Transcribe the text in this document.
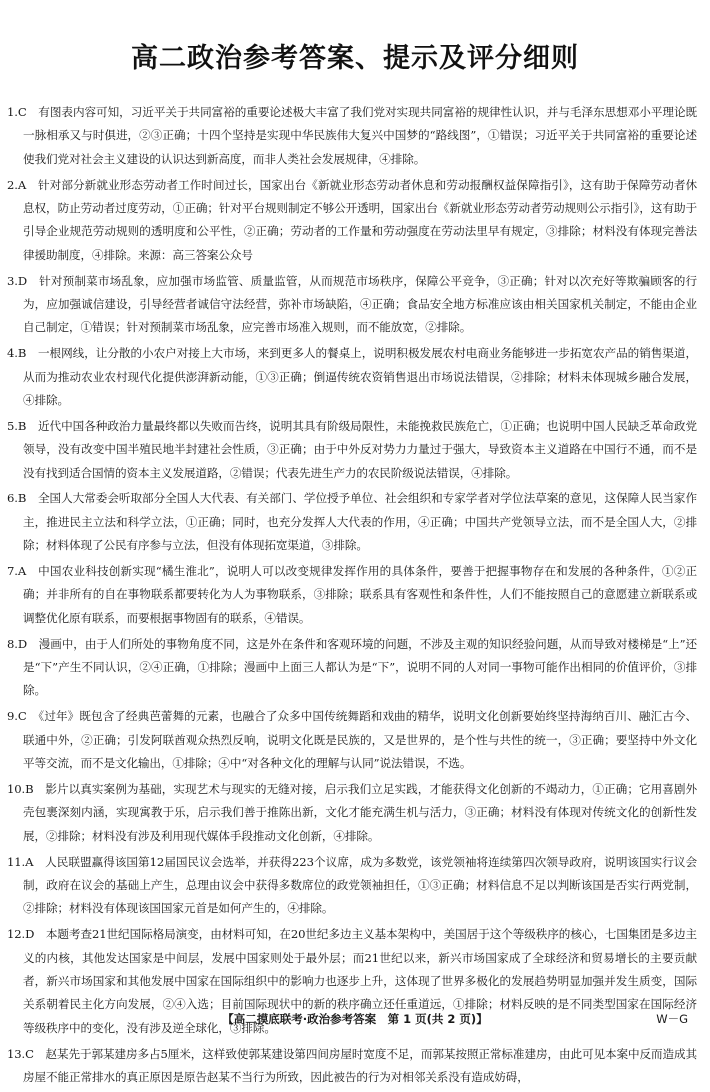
高二政治参考答案、提示及评分细则

1.C　 有图表内容可知，习近平关于共同富裕的重要论述极大丰富了我们党对实现共同富裕的规律性认识，并与毛泽东思想邓小平理论既一脉相承又与时俱进，②③正确；十四个坚持是实现中华民族伟大复兴中国梦的“路线图”，①错误；习近平关于共同富裕的重要论述使我们党对社会主义建设的认识达到新高度，而非人类社会发展规律，④排除。

2.A　 针对部分新就业形态劳动者工作时间过长，国家出台《新就业形态劳动者休息和劳动报酬权益保障指引》，这有助于保障劳动者休息权，防止劳动者过度劳动，①正确；针对平台规则制定不够公开透明，国家出台《新就业形态劳动者劳动规则公示指引》，这有助于引导企业规范劳动规则的透明度和公平性，②正确；劳动者的工作量和劳动强度在劳动法里早有规定，③排除；材料没有体现完善法律援助制度，④排除。来源：高三答案公众号

3.D　 针对预制菜市场乱象，应加强市场监管、质量监管，从而规范市场秩序，保障公平竞争，③正确；针对以次充好等欺骗顾客的行为，应加强诚信建设，引导经营者诚信守法经营，弥补市场缺陷，④正确；食品安全地方标准应该由相关国家机关制定，不能由企业自己制定，①错误；针对预制菜市场乱象，应完善市场准入规则，而不能放宽，②排除。

4.B　 一根网线，让分散的小农户对接上大市场，来到更多人的餐桌上，说明积极发展农村电商业务能够进一步拓宽农产品的销售渠道，从而为推动农业农村现代化提供澎湃新动能，①③正确；倒逼传统农资销售退出市场说法错误，②排除；材料未体现城乡融合发展，④排除。

5.B　 近代中国各种政治力量最终都以失败而告终，说明其具有阶级局限性，未能挽救民族危亡，①正确；也说明中国人民缺乏革命政党领导，没有改变中国半殖民地半封建社会性质，③正确；由于中外反对势力力量过于强大，导致资本主义道路在中国行不通，而不是没有找到适合国情的资本主义发展道路，②错误；代表先进生产力的农民阶级说法错误，④排除。

6.B　 全国人大常委会听取部分全国人大代表、有关部门、学位授予单位、社会组织和专家学者对学位法草案的意见，这保障人民当家作主，推进民主立法和科学立法，①正确；同时，也充分发挥人大代表的作用，④正确；中国共产党领导立法，而不是全国人大，②排除；材料体现了公民有序参与立法，但没有体现拓宽渠道，③排除。

7.A　 中国农业科技创新实现“橘生淮北”，说明人可以改变规律发挥作用的具体条件，要善于把握事物存在和发展的各种条件，①②正确；并非所有的自在事物联系都要转化为人为事物联系，③排除；联系具有客观性和条件性，人们不能按照自己的意愿建立新联系或调整优化原有联系，而要根据事物固有的联系，④错误。

8.D　 漫画中，由于人们所处的事物角度不同，这是外在条件和客观环境的问题，不涉及主观的知识经验问题，从而导致对楼梯是“上”还是“下”产生不同认识，②④正确，①排除；漫画中上面三人都认为是“下”，说明不同的人对同一事物可能作出相同的价值评价，③排除。

9.C　 《过年》既包含了经典芭蕾舞的元素，也融合了众多中国传统舞蹈和戏曲的精华，说明文化创新要始终坚持海纳百川、融汇古今、联通中外，②正确；引发阿联酋观众热烈反响，说明文化既是民族的，又是世界的，是个性与共性的统一，③正确；要坚持中外文化平等交流，而不是文化输出，①排除；④中“对各种文化的理解与认同”说法错误，不选。

10.B　 影片以真实案例为基础，实现艺术与现实的无缝对接，启示我们立足实践，才能获得文化创新的不竭动力，①正确；它用喜剧外壳包裹深刻内涵，实现寓教于乐，启示我们善于推陈出新，文化才能充满生机与活力，③正确；材料没有体现对传统文化的创新性发展，②排除；材料没有涉及利用现代媒体手段推动文化创新，④排除。

11.A　 人民联盟赢得该国第12届国民议会选举，并获得223个议席，成为多数党，该党领袖将连续第四次领导政府，说明该国实行议会制，政府在议会的基础上产生，总理由议会中获得多数席位的政党领袖担任，①③正确；材料信息不足以判断该国是否实行两党制，②排除；材料没有体现该国国家元首是如何产生的，④排除。

12.D　 本题考查21世纪国际格局演变，由材料可知，在20世纪多边主义基本架构中，美国居于这个等级秩序的核心，七国集团是多边主义的内核，其他发达国家是中间层，发展中国家则处于最外层；而21世纪以来，新兴市场国家成了全球经济和贸易增长的主要贡献者，新兴市场国家和其他发展中国家在国际组织中的影响力也逐步上升，这体现了世界多极化的发展趋势明显加强并发生质变，国际关系朝着民主化方向发展，②④入选；目前国际现状中的新的秩序确立还任重道远，①排除；材料反映的是不同类型国家在国际经济等级秩序中的变化，没有涉及逆全球化，③排除。

13.C　 赵某先于郭某建房多占5厘米，这样致使郭某建设第四间房屋时宽度不足，而郭某按照正常标准建房，由此可见本案中反而造成其房屋不能正常排水的真正原因是原告赵某不当行为所致，因此被告的行为对相邻关系没有造成妨碍，

【高二摸底联考·政治参考答案　第 1 页(共 2 页)】	W－G
